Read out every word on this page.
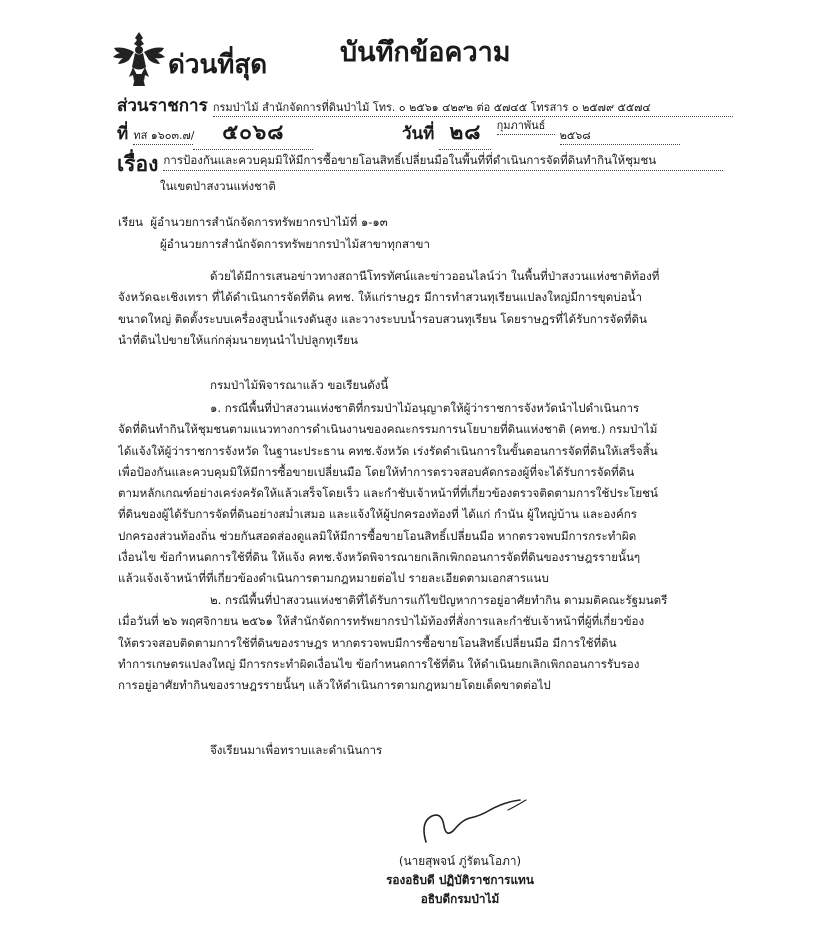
ด่วนที่สุด	บันทึกข้อความ
ส่วนราชการ กรมป่าไม้ สำนักจัดการที่ดินป่าไม้ โทร. ๐ ๒๕๖๑ ๔๒๙๒ ต่อ ๕๗๔๕ โทรสาร ๐ ๒๕๗๙ ๕๕๗๔
ที่ ทส ๑๖๐๓.๗/ ๕๐๖๘	วันที่ ๒๘ กุมภาพันธ์ ๒๕๖๘
เรื่อง การป้องกันและควบคุมมิให้มีการซื้อขายโอนสิทธิ์เปลี่ยนมือในพื้นที่ที่ดำเนินการจัดที่ดินทำกินให้ชุมชน
ในเขตป่าสงวนแห่งชาติ
เรียน ผู้อำนวยการสำนักจัดการทรัพยากรป่าไม้ที่ ๑-๑๓
ผู้อำนวยการสำนักจัดการทรัพยากรป่าไม้สาขาทุกสาขา
ด้วยได้มีการเสนอข่าวทางสถานีโทรทัศน์และข่าวออนไลน์ว่า ในพื้นที่ป่าสงวนแห่งชาติท้องที่
จังหวัดฉะเชิงเทรา ที่ได้ดำเนินการจัดที่ดิน คทช. ให้แก่ราษฎร มีการทำสวนทุเรียนแปลงใหญ่มีการขุดบ่อน้ำ
ขนาดใหญ่ ติดตั้งระบบเครื่องสูบน้ำแรงดันสูง และวางระบบน้ำรอบสวนทุเรียน โดยราษฎรที่ได้รับการจัดที่ดิน
นำที่ดินไปขายให้แก่กลุ่มนายทุนนำไปปลูกทุเรียน
กรมป่าไม้พิจารณาแล้ว ขอเรียนดังนี้
๑. กรณีพื้นที่ป่าสงวนแห่งชาติที่กรมป่าไม้อนุญาตให้ผู้ว่าราชการจังหวัดนำไปดำเนินการ
จัดที่ดินทำกินให้ชุมชนตามแนวทางการดำเนินงานของคณะกรรมการนโยบายที่ดินแห่งชาติ (คทช.) กรมป่าไม้
ได้แจ้งให้ผู้ว่าราชการจังหวัด ในฐานะประธาน คทช.จังหวัด เร่งรัดดำเนินการในขั้นตอนการจัดที่ดินให้เสร็จสิ้น
เพื่อป้องกันและควบคุมมิให้มีการซื้อขายเปลี่ยนมือ โดยให้ทำการตรวจสอบคัดกรองผู้ที่จะได้รับการจัดที่ดิน
ตามหลักเกณฑ์อย่างเคร่งครัดให้แล้วเสร็จโดยเร็ว และกำชับเจ้าหน้าที่ที่เกี่ยวข้องตรวจติดตามการใช้ประโยชน์
ที่ดินของผู้ได้รับการจัดที่ดินอย่างสม่ำเสมอ และแจ้งให้ผู้ปกครองท้องที่ ได้แก่ กำนัน ผู้ใหญ่บ้าน และองค์กร
ปกครองส่วนท้องถิ่น ช่วยกันสอดส่องดูแลมิให้มีการซื้อขายโอนสิทธิ์เปลี่ยนมือ หากตรวจพบมีการกระทำผิด
เงื่อนไข ข้อกำหนดการใช้ที่ดิน ให้แจ้ง คทช.จังหวัดพิจารณายกเลิกเพิกถอนการจัดที่ดินของราษฎรรายนั้นๆ
แล้วแจ้งเจ้าหน้าที่ที่เกี่ยวข้องดำเนินการตามกฎหมายต่อไป รายละเอียดตามเอกสารแนบ
๒. กรณีพื้นที่ป่าสงวนแห่งชาติที่ได้รับการแก้ไขปัญหาการอยู่อาศัยทำกิน ตามมติคณะรัฐมนตรี
เมื่อวันที่ ๒๖ พฤศจิกายน ๒๕๖๑ ให้สำนักจัดการทรัพยากรป่าไม้ท้องที่สั่งการและกำชับเจ้าหน้าที่ผู้ที่เกี่ยวข้อง
ให้ตรวจสอบติดตามการใช้ที่ดินของราษฎร หากตรวจพบมีการซื้อขายโอนสิทธิ์เปลี่ยนมือ มีการใช้ที่ดิน
ทำการเกษตรแปลงใหญ่ มีการกระทำผิดเงื่อนไข ข้อกำหนดการใช้ที่ดิน ให้ดำเนินยกเลิกเพิกถอนการรับรอง
การอยู่อาศัยทำกินของราษฎรรายนั้นๆ แล้วให้ดำเนินการตามกฎหมายโดยเด็ดขาดต่อไป
จึงเรียนมาเพื่อทราบและดำเนินการ
(นายสุพจน์ ภู่รัตนโอภา)
รองอธิบดี ปฏิบัติราชการแทน
อธิบดีกรมป่าไม้
